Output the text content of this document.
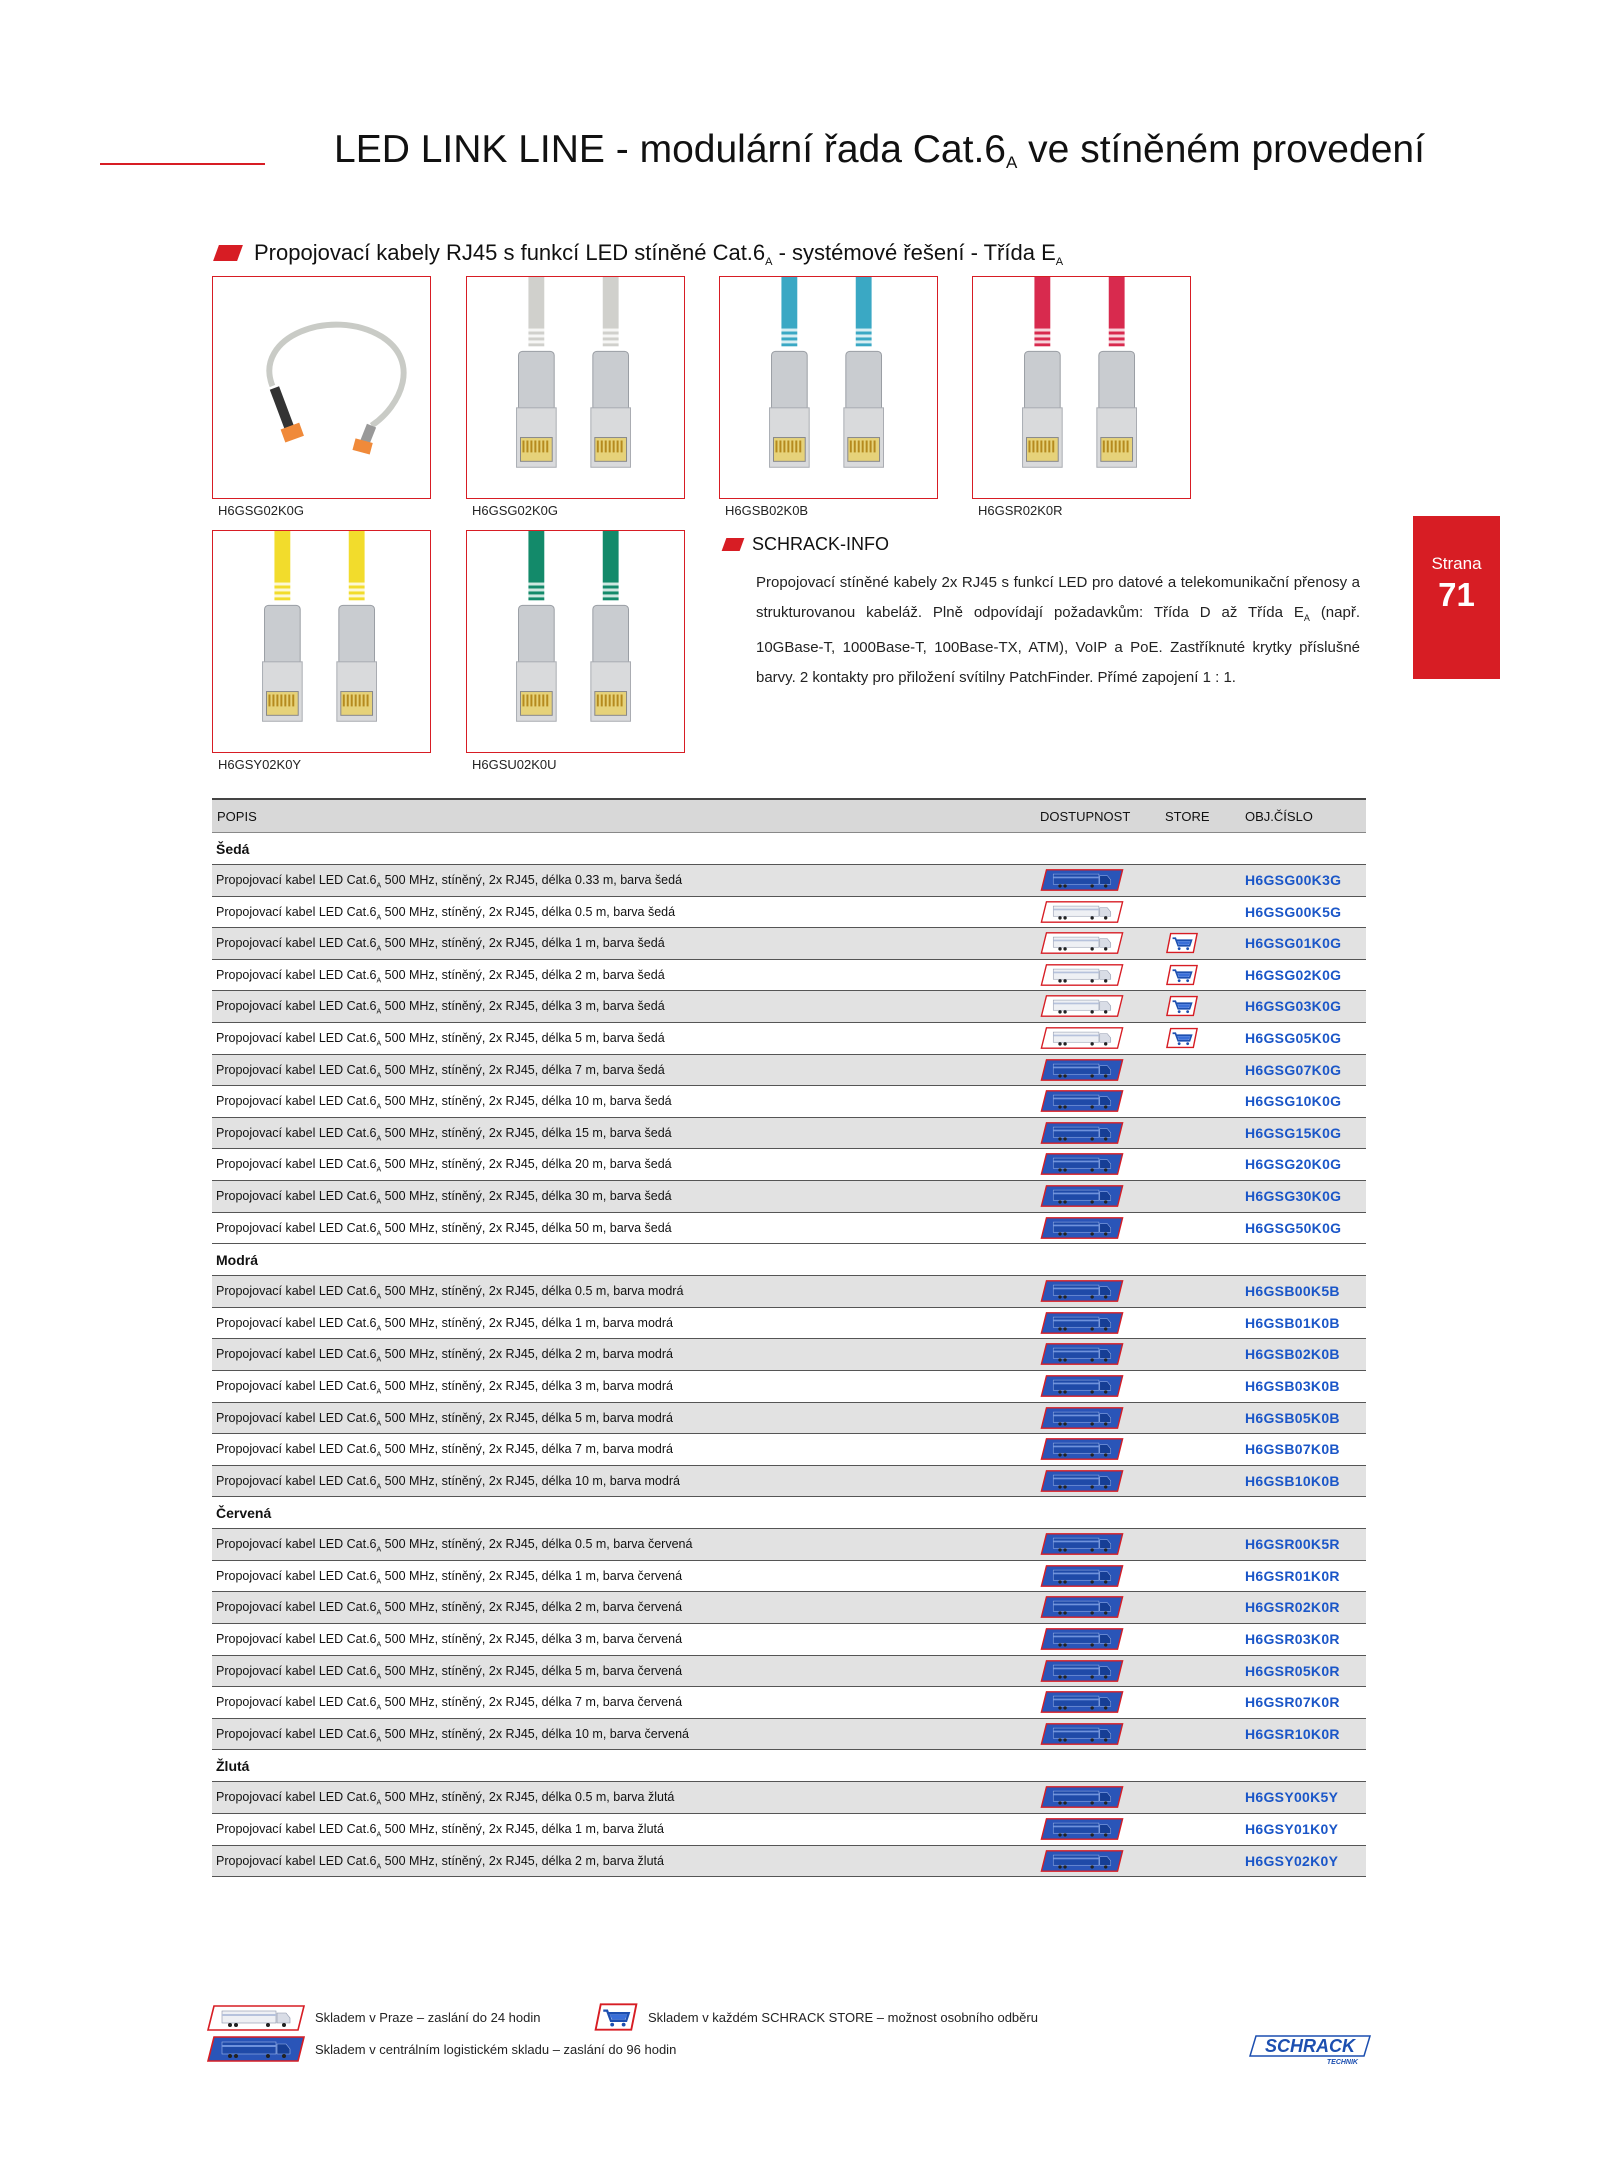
LED LINK LINE - modulární řada $Cat.6_A$ ve stíněném provedení
Propojovací kabely RJ45 s funkcí LED stíněné $Cat.6_A$ - systémové řešení - Třída $E_A$
H6GSG02K0G	H6GSG02K0G	H6GSB02K0B	H6GSR02K0R
H6GSY02K0Y	H6GSU02K0U
SCHRACK-INFO
Propojovací stíněné kabely 2x RJ45 s funkcí LED pro datové a telekomunikační přenosy a strukturovanou kabeláž. Plně odpovídají požadavkům: Třída D až Třída $E_A$ (např. 10GBase-T, 1000Base-T, 100Base-TX, ATM), VoIP a PoE. Zastříknuté krytky příslušné barvy. 2 kontakty pro přiložení svítilny PatchFinder. Přímé zapojení 1 : 1.
Strana
71
POPIS	DOSTUPNOST	STORE	OBJ.ČÍSLO
Šedá
Propojovací kabel LED $Cat.6_A$ 500 MHz, stíněný, 2x RJ45, délka 0.33 m, barva šedá	H6GSG00K3G
Propojovací kabel LED $Cat.6_A$ 500 MHz, stíněný, 2x RJ45, délka 0.5 m, barva šedá	H6GSG00K5G
Propojovací kabel LED $Cat.6_A$ 500 MHz, stíněný, 2x RJ45, délka 1 m, barva šedá	H6GSG01K0G
Propojovací kabel LED $Cat.6_A$ 500 MHz, stíněný, 2x RJ45, délka 2 m, barva šedá	H6GSG02K0G
Propojovací kabel LED $Cat.6_A$ 500 MHz, stíněný, 2x RJ45, délka 3 m, barva šedá	H6GSG03K0G
Propojovací kabel LED $Cat.6_A$ 500 MHz, stíněný, 2x RJ45, délka 5 m, barva šedá	H6GSG05K0G
Propojovací kabel LED $Cat.6_A$ 500 MHz, stíněný, 2x RJ45, délka 7 m, barva šedá	H6GSG07K0G
Propojovací kabel LED $Cat.6_A$ 500 MHz, stíněný, 2x RJ45, délka 10 m, barva šedá	H6GSG10K0G
Propojovací kabel LED $Cat.6_A$ 500 MHz, stíněný, 2x RJ45, délka 15 m, barva šedá	H6GSG15K0G
Propojovací kabel LED $Cat.6_A$ 500 MHz, stíněný, 2x RJ45, délka 20 m, barva šedá	H6GSG20K0G
Propojovací kabel LED $Cat.6_A$ 500 MHz, stíněný, 2x RJ45, délka 30 m, barva šedá	H6GSG30K0G
Propojovací kabel LED $Cat.6_A$ 500 MHz, stíněný, 2x RJ45, délka 50 m, barva šedá	H6GSG50K0G
Modrá
Propojovací kabel LED $Cat.6_A$ 500 MHz, stíněný, 2x RJ45, délka 0.5 m, barva modrá	H6GSB00K5B
Propojovací kabel LED $Cat.6_A$ 500 MHz, stíněný, 2x RJ45, délka 1 m, barva modrá	H6GSB01K0B
Propojovací kabel LED $Cat.6_A$ 500 MHz, stíněný, 2x RJ45, délka 2 m, barva modrá	H6GSB02K0B
Propojovací kabel LED $Cat.6_A$ 500 MHz, stíněný, 2x RJ45, délka 3 m, barva modrá	H6GSB03K0B
Propojovací kabel LED $Cat.6_A$ 500 MHz, stíněný, 2x RJ45, délka 5 m, barva modrá	H6GSB05K0B
Propojovací kabel LED $Cat.6_A$ 500 MHz, stíněný, 2x RJ45, délka 7 m, barva modrá	H6GSB07K0B
Propojovací kabel LED $Cat.6_A$ 500 MHz, stíněný, 2x RJ45, délka 10 m, barva modrá	H6GSB10K0B
Červená
Propojovací kabel LED $Cat.6_A$ 500 MHz, stíněný, 2x RJ45, délka 0.5 m, barva červená	H6GSR00K5R
Propojovací kabel LED $Cat.6_A$ 500 MHz, stíněný, 2x RJ45, délka 1 m, barva červená	H6GSR01K0R
Propojovací kabel LED $Cat.6_A$ 500 MHz, stíněný, 2x RJ45, délka 2 m, barva červená	H6GSR02K0R
Propojovací kabel LED $Cat.6_A$ 500 MHz, stíněný, 2x RJ45, délka 3 m, barva červená	H6GSR03K0R
Propojovací kabel LED $Cat.6_A$ 500 MHz, stíněný, 2x RJ45, délka 5 m, barva červená	H6GSR05K0R
Propojovací kabel LED $Cat.6_A$ 500 MHz, stíněný, 2x RJ45, délka 7 m, barva červená	H6GSR07K0R
Propojovací kabel LED $Cat.6_A$ 500 MHz, stíněný, 2x RJ45, délka 10 m, barva červená	H6GSR10K0R
Žlutá
Propojovací kabel LED $Cat.6_A$ 500 MHz, stíněný, 2x RJ45, délka 0.5 m, barva žlutá	H6GSY00K5Y
Propojovací kabel LED $Cat.6_A$ 500 MHz, stíněný, 2x RJ45, délka 1 m, barva žlutá	H6GSY01K0Y
Propojovací kabel LED $Cat.6_A$ 500 MHz, stíněný, 2x RJ45, délka 2 m, barva žlutá	H6GSY02K0Y
Skladem v Praze – zaslání do 24 hodin	Skladem v každém SCHRACK STORE – možnost osobního odběru
Skladem v centrálním logistickém skladu – zaslání do 96 hodin	SCHRACK
TECHNIK
